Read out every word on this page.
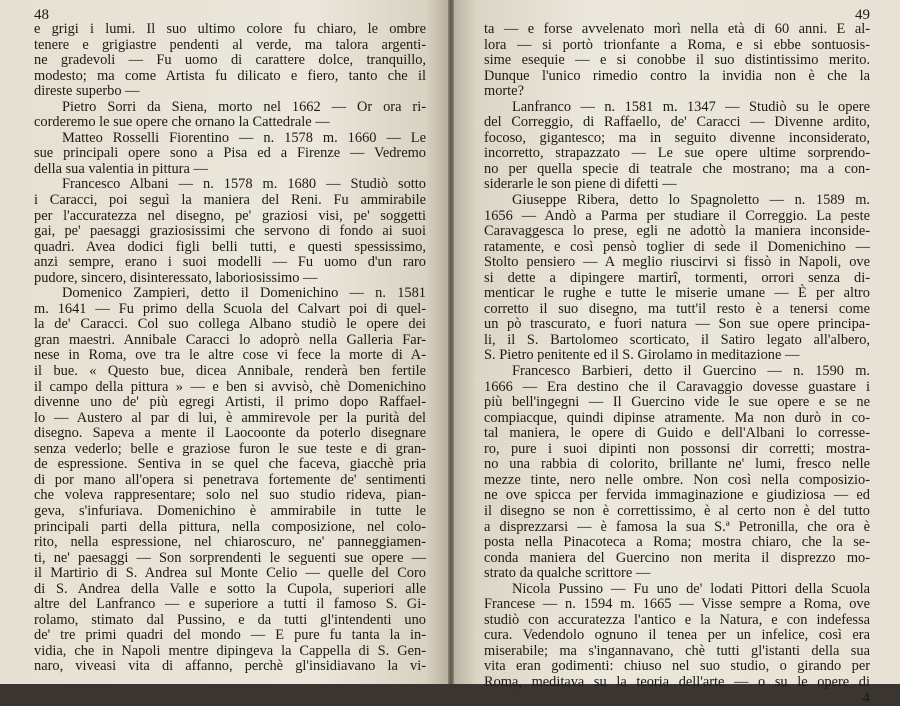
48
e grigi i lumi. Il suo ultimo colore fu chiaro, le ombre
tenere e grigiastre pendenti al verde, ma talora argenti-
ne gradevoli — Fu uomo di carattere dolce, tranquillo,
modesto; ma come Artista fu dilicato e fiero, tanto che il
direste superbo —
Pietro Sorri da Siena, morto nel 1662 — Or ora ri-
corderemo le sue opere che ornano la Cattedrale —
Matteo Rosselli Fiorentino — n. 1578 m. 1660 — Le
sue principali opere sono a Pisa ed a Firenze — Vedremo
della sua valentia in pittura —
Francesco Albani — n. 1578 m. 1680 — Studiò sotto
i Caracci, poi seguì la maniera del Reni. Fu ammirabile
per l'accuratezza nel disegno, pe' graziosi visi, pe' soggetti
gai, pe' paesaggi graziosissimi che servono di fondo ai suoi
quadri. Avea dodici figli belli tutti, e questi spessissimo,
anzi sempre, erano i suoi modelli — Fu uomo d'un raro
pudore, sincero, disinteressato, laboriosissimo —
Domenico Zampieri, detto il Domenichino — n. 1581
m. 1641 — Fu primo della Scuola del Calvart poi di quel-
la de' Caracci. Col suo collega Albano studiò le opere dei
gran maestri. Annibale Caracci lo adoprò nella Galleria Far-
nese in Roma, ove tra le altre cose vi fece la morte di A-
il bue. « Questo bue, dicea Annibale, renderà ben fertile
il campo della pittura » — e ben si avvisò, chè Domenichino
divenne uno de' più egregi Artisti, il primo dopo Raffael-
lo — Austero al par di lui, è ammirevole per la purità del
disegno. Sapeva a mente il Laocoonte da poterlo disegnare
senza vederlo; belle e graziose furon le sue teste e di gran-
de espressione. Sentiva in se quel che faceva, giacchè pria
di por mano all'opera si penetrava fortemente de' sentimenti
che voleva rappresentare; solo nel suo studio rideva, pian-
geva, s'infuriava. Domenichino è ammirabile in tutte le
principali parti della pittura, nella composizione, nel colo-
rito, nella espressione, nel chiaroscuro, ne' panneggiamen-
ti, ne' paesaggi — Son sorprendenti le seguenti sue opere —
il Martirio di S. Andrea sul Monte Celio — quelle del Coro
di S. Andrea della Valle e sotto la Cupola, superiori alle
altre del Lanfranco — e superiore a tutti il famoso S. Gi-
rolamo, stimato dal Pussino, e da tutti gl'intendenti uno
de' tre primi quadri del mondo — E pure fu tanta la in-
vidia, che in Napoli mentre dipingeva la Cappella di S. Gen-
naro, viveasi vita di affanno, perchè gl'insidiavano la vi-
49
ta — e forse avvelenato morì nella età di 60 anni. E al-
lora — si portò trionfante a Roma, e si ebbe sontuosis-
sime esequie — e si conobbe il suo distintissimo merito.
Dunque l'unico rimedio contro la invidia non è che la
morte?
Lanfranco — n. 1581 m. 1347 — Studiò su le opere
del Correggio, di Raffaello, de' Caracci — Divenne ardito,
focoso, gigantesco; ma in seguito divenne inconsiderato,
incorretto, strapazzato — Le sue opere ultime sorprendo-
no per quella specie di teatrale che mostrano; ma a con-
siderarle le son piene di difetti —
Giuseppe Ribera, detto lo Spagnoletto — n. 1589 m.
1656 — Andò a Parma per studiare il Correggio. La peste
Caravaggesca lo prese, egli ne adottò la maniera inconside-
ratamente, e così pensò toglier di sede il Domenichino —
Stolto pensiero — A meglio riuscirvi si fissò in Napoli, ove
si dette a dipingere martirî, tormenti, orrori senza di-
menticar le rughe e tutte le miserie umane — È per altro
corretto il suo disegno, ma tutt'il resto è a tenersi come
un pò trascurato, e fuori natura — Son sue opere principa-
li, il S. Bartolomeo scorticato, il Satiro legato all'albero,
S. Pietro penitente ed il S. Girolamo in meditazione —
Francesco Barbieri, detto il Guercino — n. 1590 m.
1666 — Era destino che il Caravaggio dovesse guastare i
più bell'ingegni — Il Guercino vide le sue opere e se ne
compiacque, quindi dipinse atramente. Ma non durò in co-
tal maniera, le opere di Guido e dell'Albani lo corresse-
ro, pure i suoi dipinti non possonsi dir corretti; mostra-
no una rabbia di colorito, brillante ne' lumi, fresco nelle
mezze tinte, nero nelle ombre. Non così nella composizio-
ne ove spicca per fervida immaginazione e giudiziosa — ed
il disegno se non è correttissimo, è al certo non è del tutto
a disprezzarsi — è famosa la sua S.ª Petronilla, che ora è
posta nella Pinacoteca a Roma; mostra chiaro, che la se-
conda maniera del Guercino non merita il disprezzo mo-
strato da qualche scrittore —
Nicola Pussino — Fu uno de' lodati Pittori della Scuola
Francese — n. 1594 m. 1665 — Visse sempre a Roma, ove
studiò con accuratezza l'antico e la Natura, e con indefessa
cura. Vedendolo ognuno il tenea per un infelice, così era
miserabile; ma s'ingannavano, chè tutti gl'istanti della sua
vita eran godimenti: chiuso nel suo studio, o girando per
Roma, meditava su la teoria dell'arte — o su le opere di
4
